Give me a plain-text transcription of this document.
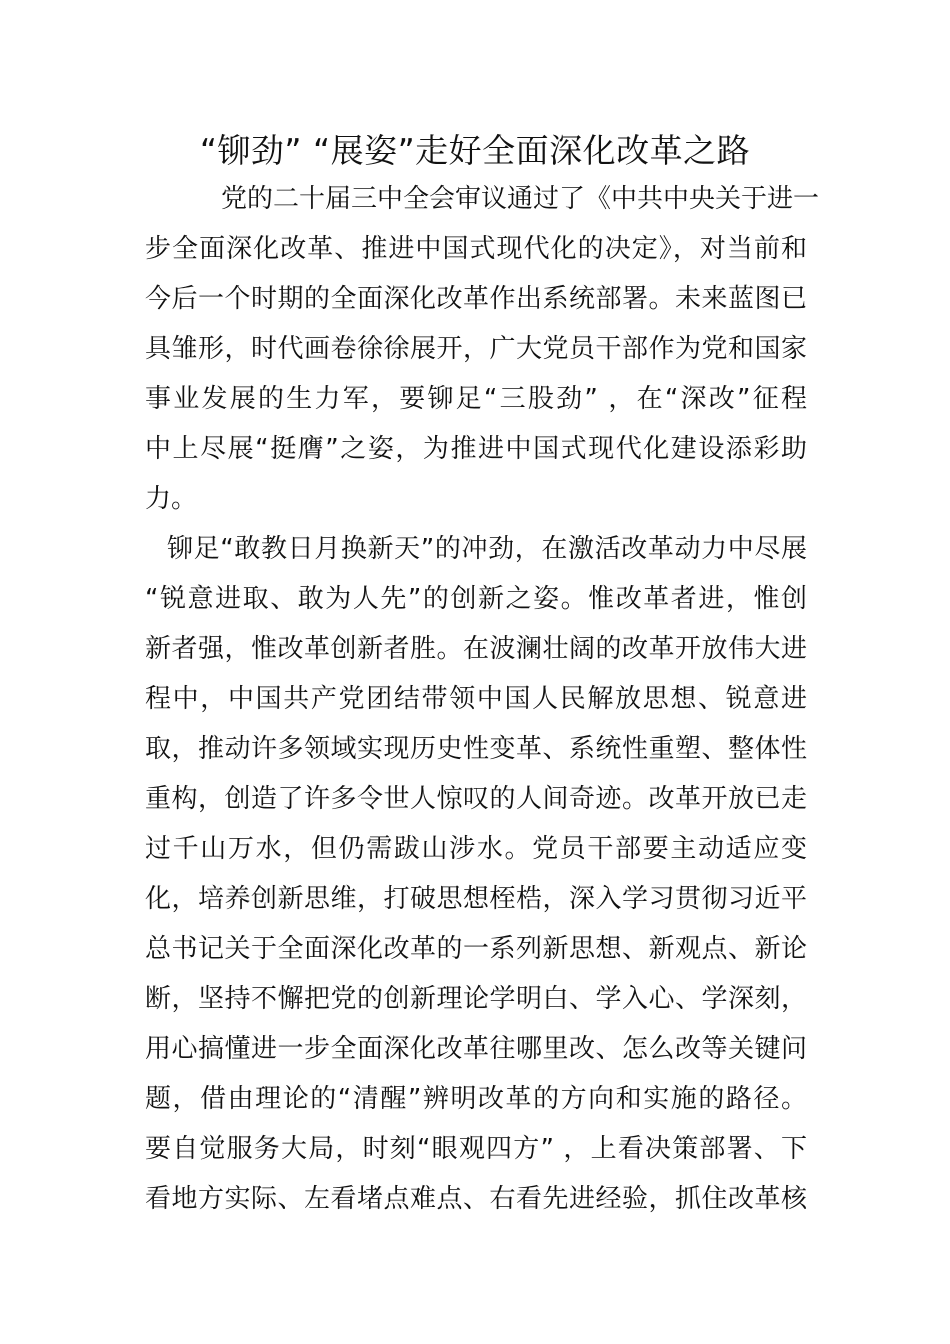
“铆劲” “展姿”走好全面深化改革之路
党的二十届三中全会审议通过了《中共中央关于进一
步全面深化改革、推进中国式现代化的决定》，对当前和
今后一个时期的全面深化改革作出系统部署。未来蓝图已
具雏形，时代画卷徐徐展开，广大党员干部作为党和国家
事业发展的生力军，要铆足“三股劲” ，在“深改”征程
中上尽展“挺膺”之姿，为推进中国式现代化建设添彩助
力。
铆足“敢教日月换新天”的冲劲，在激活改革动力中尽展
“锐意进取、敢为人先”的创新之姿。惟改革者进，惟创
新者强，惟改革创新者胜。在波澜壮阔的改革开放伟大进
程中，中国共产党团结带领中国人民解放思想、锐意进
取，推动许多领域实现历史性变革、系统性重塑、整体性
重构，创造了许多令世人惊叹的人间奇迹。改革开放已走
过千山万水，但仍需跋山涉水。党员干部要主动适应变
化，培养创新思维，打破思想桎梏，深入学习贯彻习近平
总书记关于全面深化改革的一系列新思想、新观点、新论
断，坚持不懈把党的创新理论学明白、学入心、学深刻，
用心搞懂进一步全面深化改革往哪里改、怎么改等关键问
题，借由理论的“清醒”辨明改革的方向和实施的路径。
要自觉服务大局，时刻“眼观四方” ，上看决策部署、下
看地方实际、左看堵点难点、右看先进经验，抓住改革核
